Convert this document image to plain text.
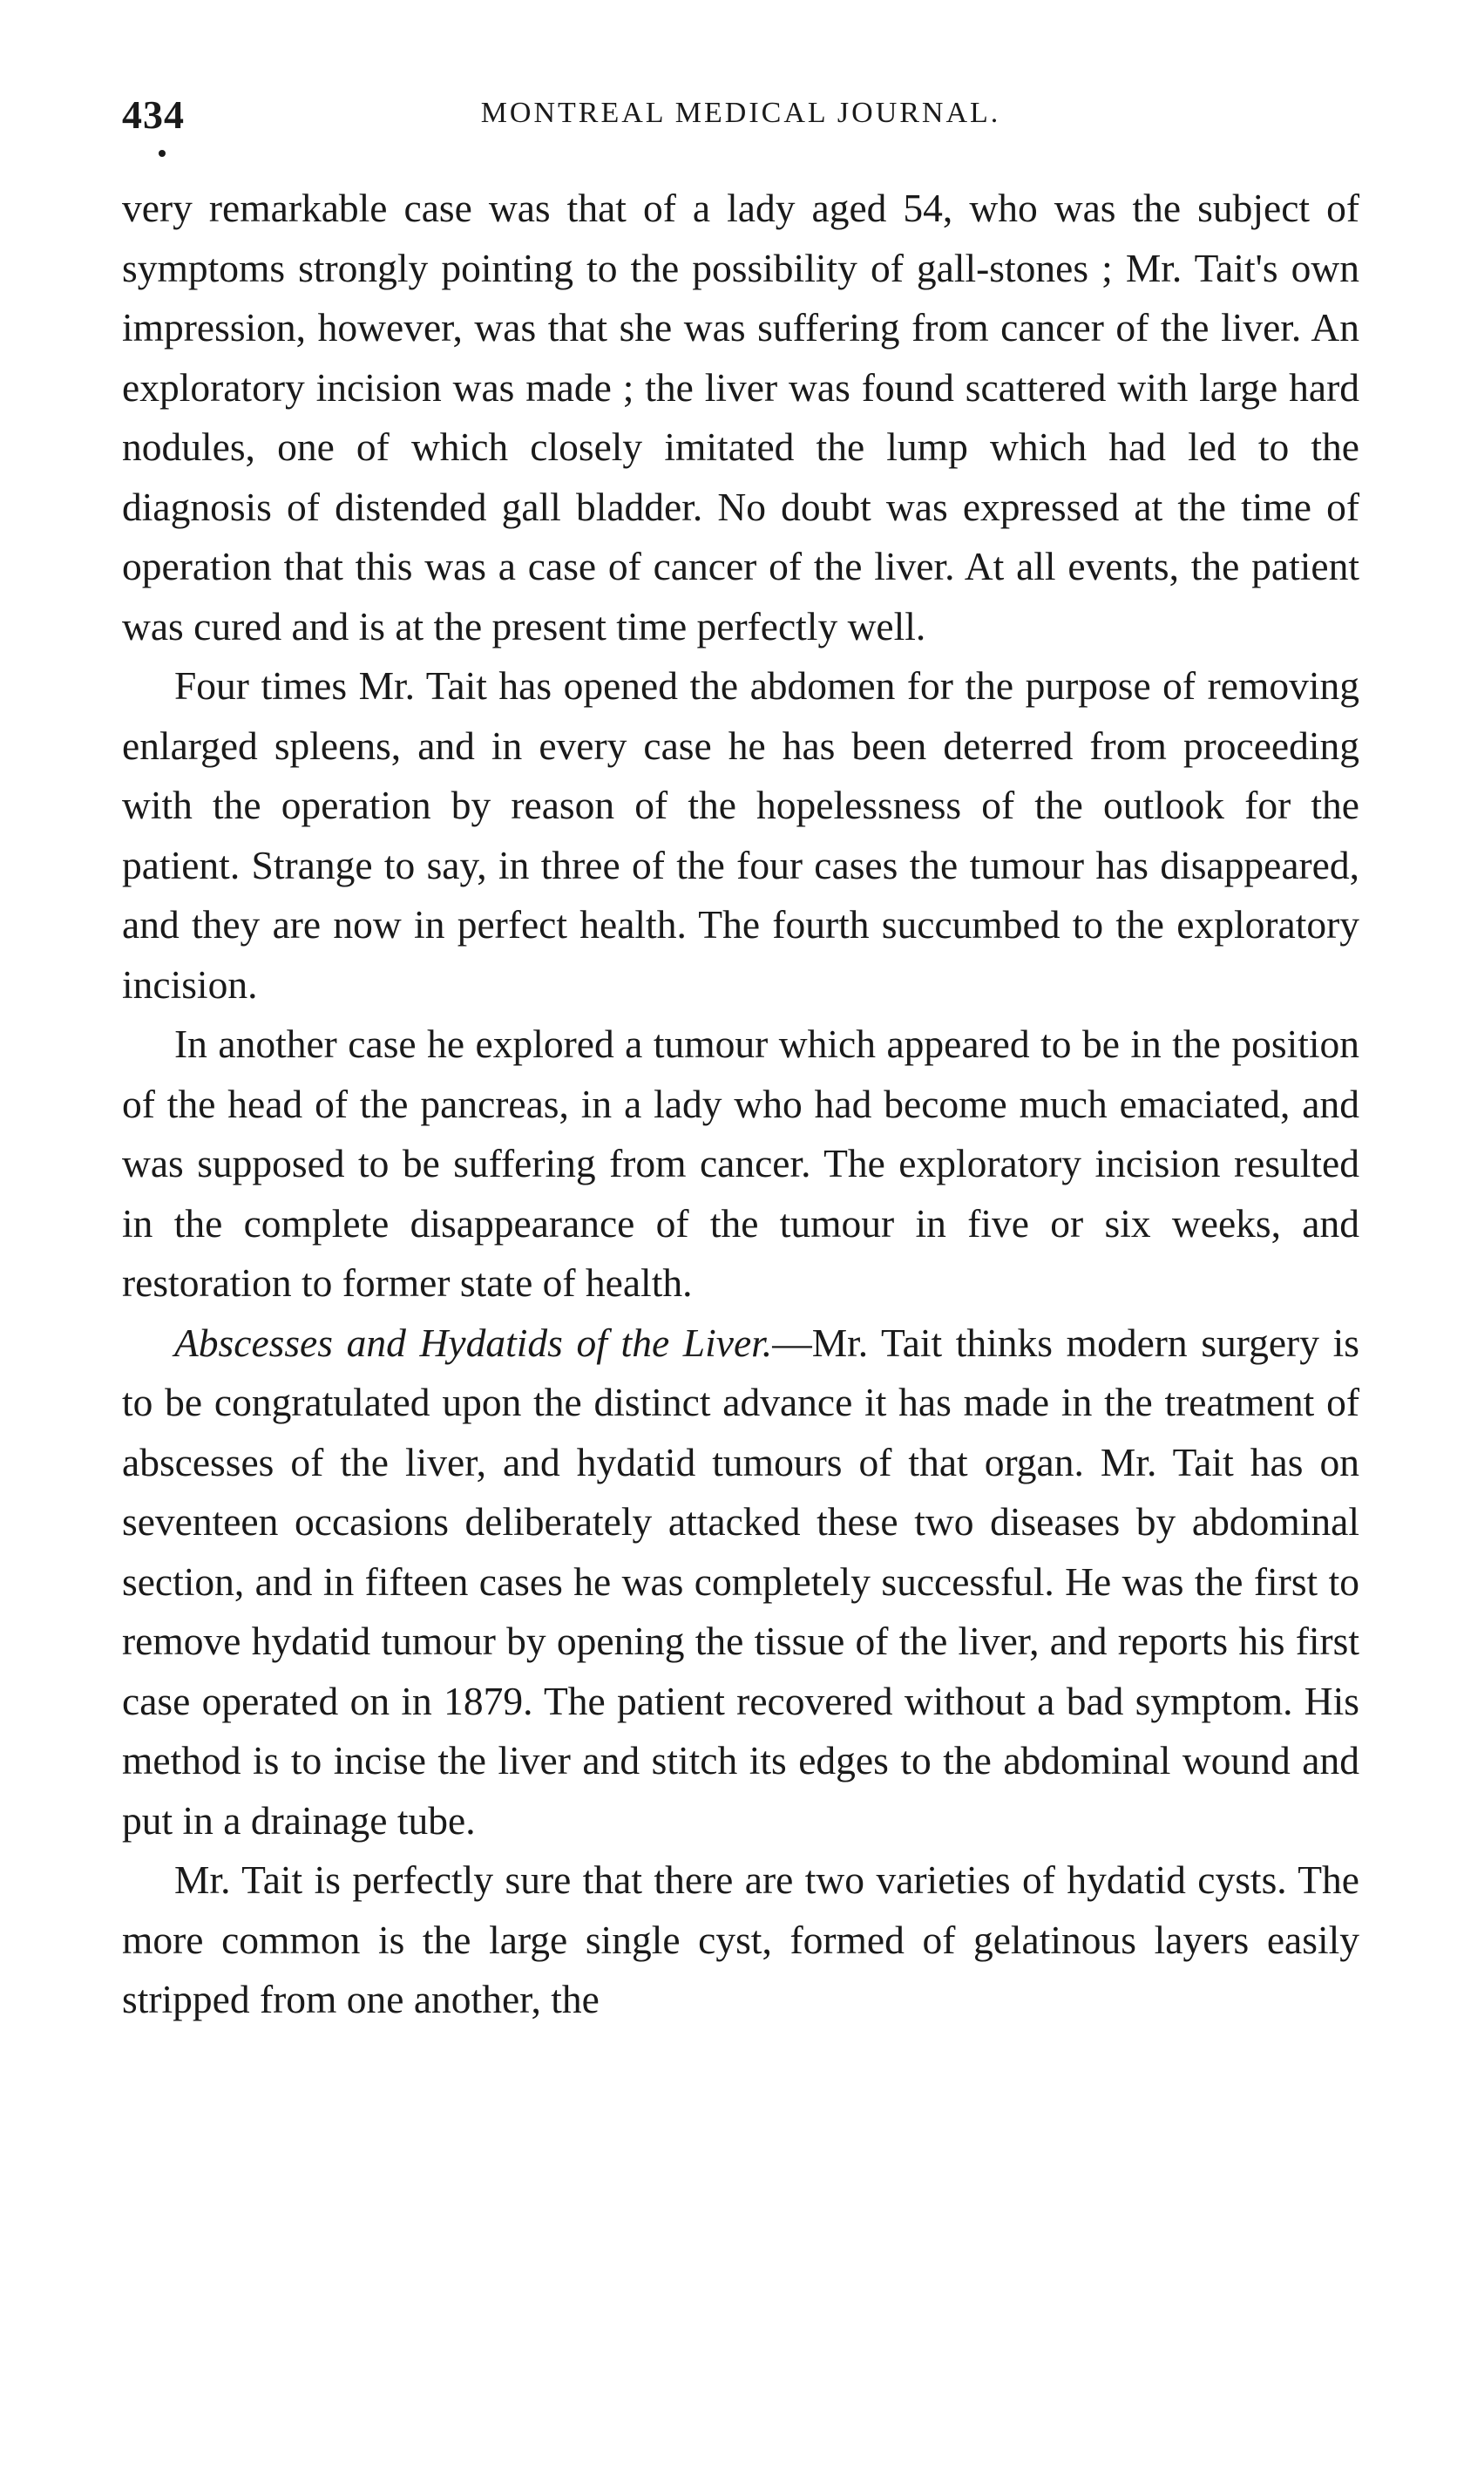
434	MONTREAL MEDICAL JOURNAL.

very remarkable case was that of a lady aged 54, who was the subject of symptoms strongly pointing to the possibility of gall-stones ; Mr. Tait's own impression, however, was that she was suffering from cancer of the liver. An exploratory incision was made ; the liver was found scattered with large hard nodules, one of which closely imitated the lump which had led to the diagnosis of distended gall bladder. No doubt was expressed at the time of operation that this was a case of cancer of the liver. At all events, the patient was cured and is at the present time perfectly well.

Four times Mr. Tait has opened the abdomen for the purpose of removing enlarged spleens, and in every case he has been deterred from proceeding with the operation by reason of the hopelessness of the outlook for the patient. Strange to say, in three of the four cases the tumour has disappeared, and they are now in perfect health. The fourth succumbed to the exploratory incision.

In another case he explored a tumour which appeared to be in the position of the head of the pancreas, in a lady who had become much emaciated, and was supposed to be suffering from cancer. The exploratory incision resulted in the complete disappearance of the tumour in five or six weeks, and restoration to former state of health.

Abscesses and Hydatids of the Liver.—Mr. Tait thinks modern surgery is to be congratulated upon the distinct advance it has made in the treatment of abscesses of the liver, and hydatid tumours of that organ. Mr. Tait has on seventeen occasions deliberately attacked these two diseases by abdominal section, and in fifteen cases he was completely successful. He was the first to remove hydatid tumour by opening the tissue of the liver, and reports his first case operated on in 1879. The patient recovered without a bad symptom. His method is to incise the liver and stitch its edges to the abdominal wound and put in a drainage tube.

Mr. Tait is perfectly sure that there are two varieties of hydatid cysts. The more common is the large single cyst, formed of gelatinous layers easily stripped from one another, the
